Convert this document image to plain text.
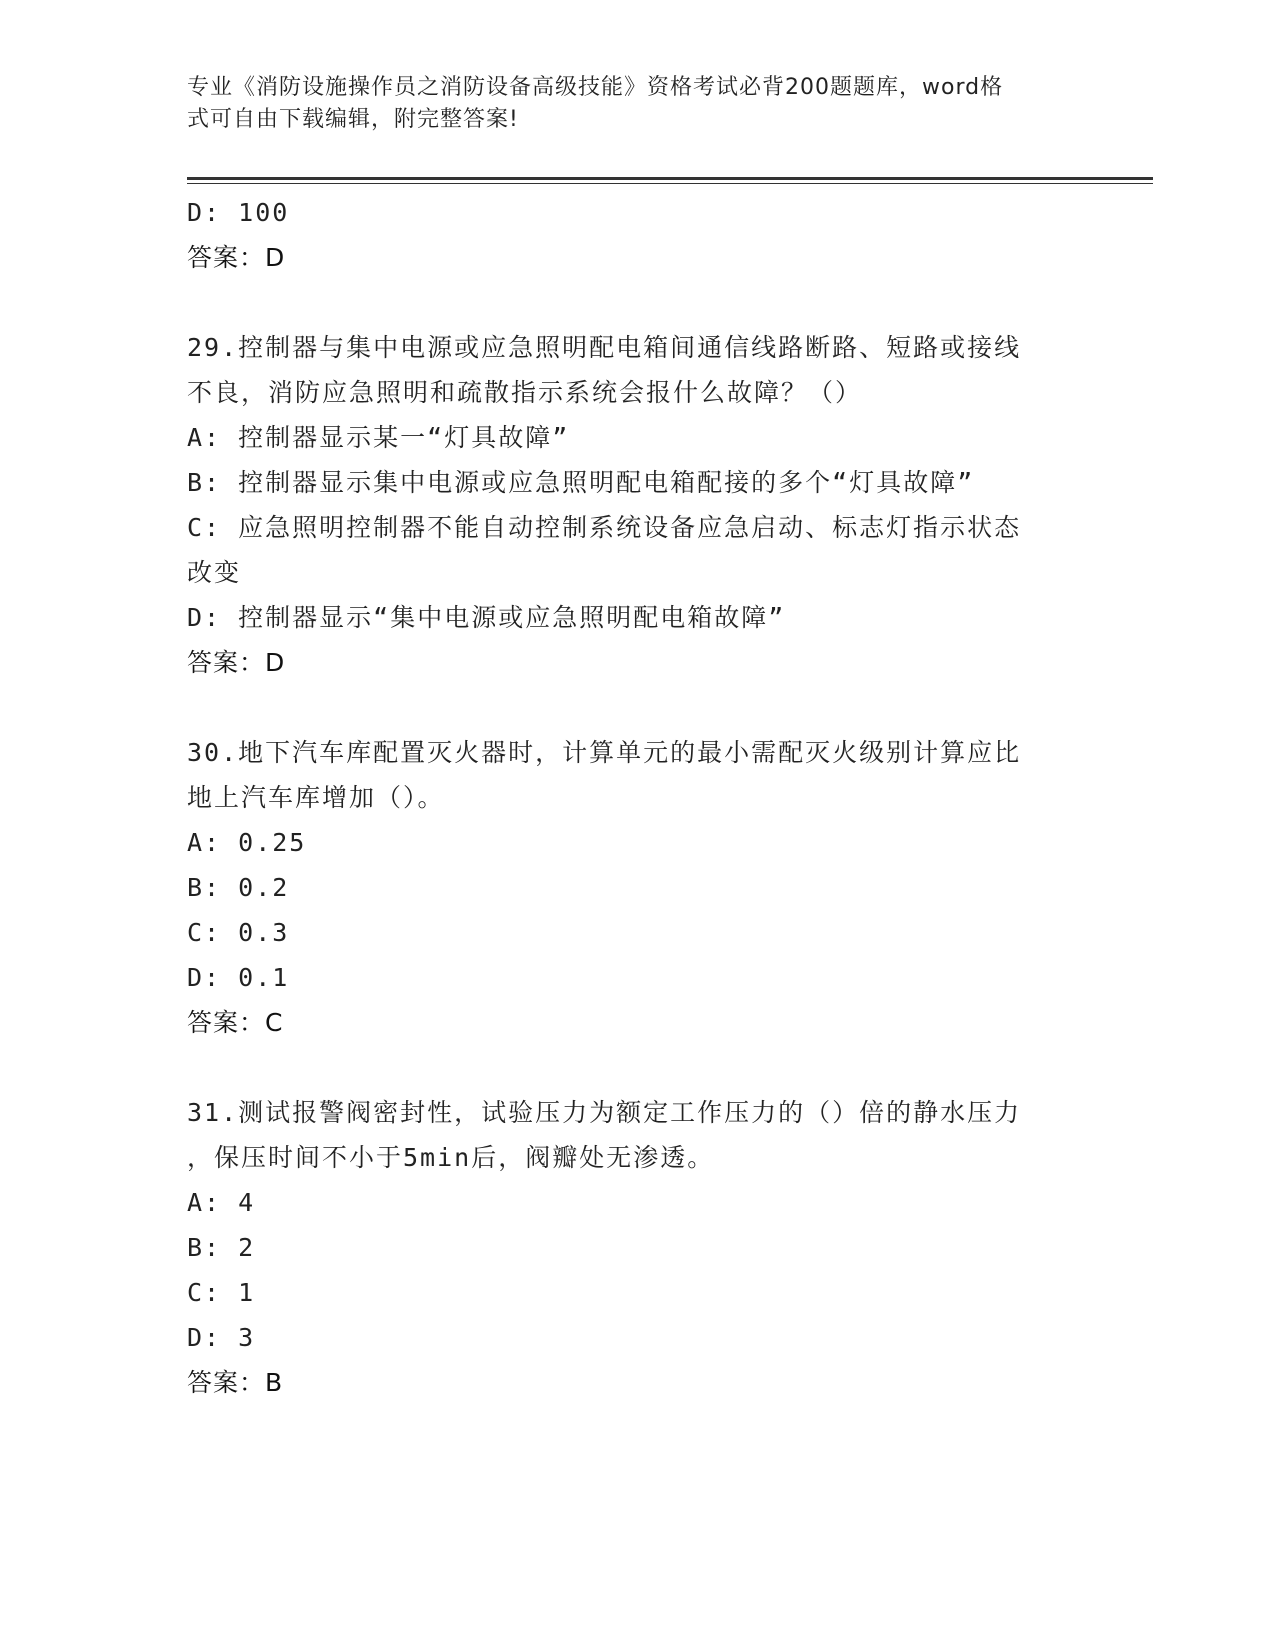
专业《消防设施操作员之消防设备高级技能》资格考试必背200题题库，word格
式可自由下载编辑，附完整答案!
D: 100
答案：D
29.控制器与集中电源或应急照明配电箱间通信线路断路、短路或接线
不良，消防应急照明和疏散指示系统会报什么故障？（）
A: 控制器显示某一“灯具故障”
B: 控制器显示集中电源或应急照明配电箱配接的多个“灯具故障”
C: 应急照明控制器不能自动控制系统设备应急启动、标志灯指示状态
改变
D: 控制器显示“集中电源或应急照明配电箱故障”
答案：D
30.地下汽车库配置灭火器时，计算单元的最小需配灭火级别计算应比
地上汽车库增加（）。
A: 0.25
B: 0.2
C: 0.3
D: 0.1
答案：C
31.测试报警阀密封性，试验压力为额定工作压力的（）倍的静水压力
，保压时间不小于5min后，阀瓣处无渗透。
A: 4
B: 2
C: 1
D: 3
答案：B
